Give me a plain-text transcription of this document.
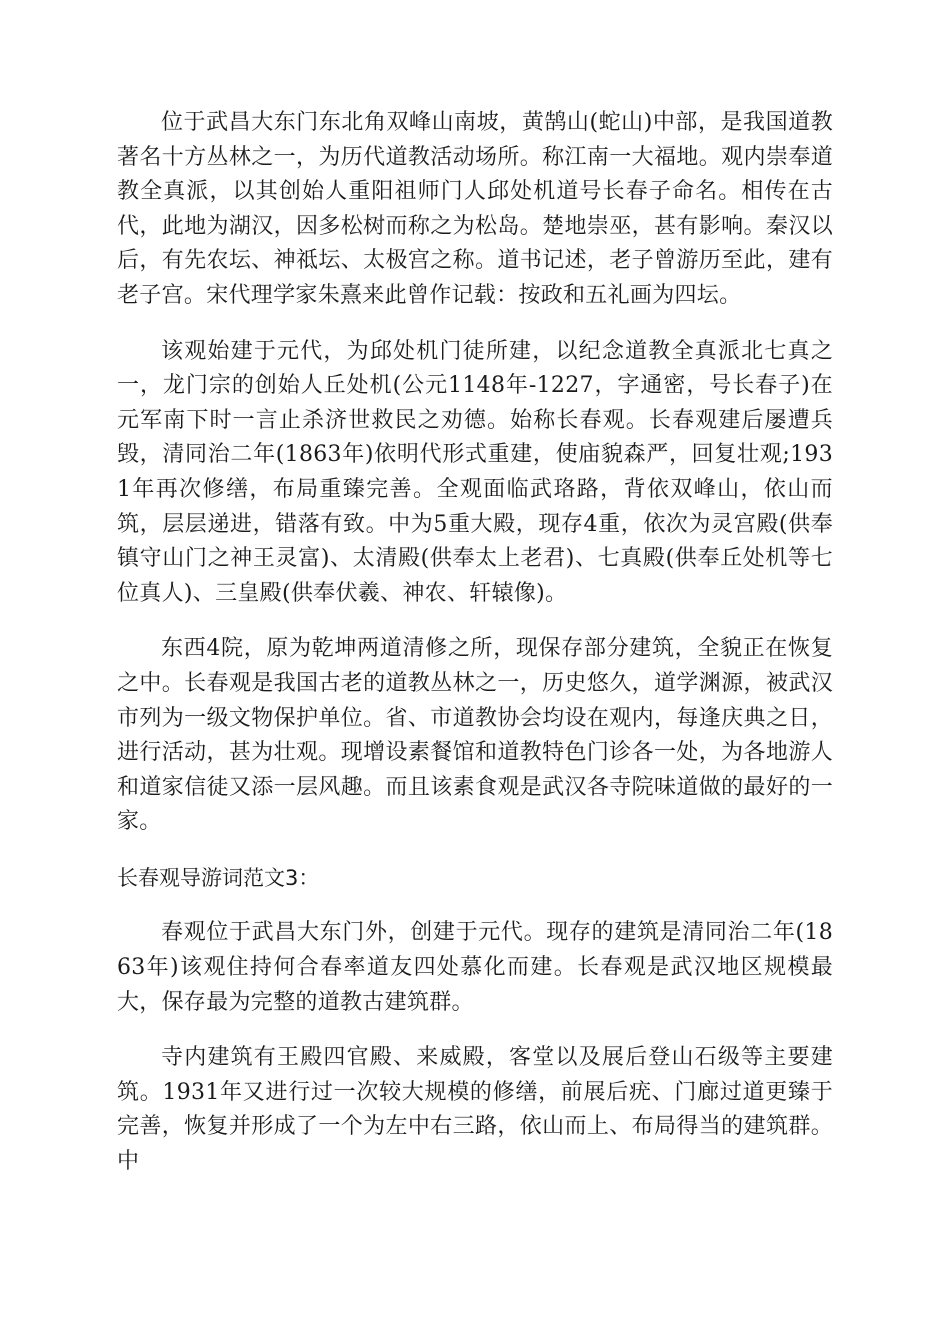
位于武昌大东门东北角双峰山南坡，黄鹄山(蛇山)中部，是我国道教著名十方丛林之一，为历代道教活动场所。称江南一大福地。观内崇奉道教全真派，以其创始人重阳祖师门人邱处机道号长春子命名。相传在古代，此地为湖汉，因多松树而称之为松岛。楚地崇巫，甚有影响。秦汉以后，有先农坛、神祗坛、太极宫之称。道书记述，老子曾游历至此，建有老子宫。宋代理学家朱熹来此曾作记载：按政和五礼画为四坛。

该观始建于元代，为邱处机门徒所建，以纪念道教全真派北七真之一，龙门宗的创始人丘处机(公元1148年-1227，字通密，号长春子)在元军南下时一言止杀济世救民之劝德。始称长春观。长春观建后屡遭兵毁，清同治二年(1863年)依明代形式重建，使庙貌森严，回复壮观;1931年再次修缮，布局重臻完善。全观面临武珞路，背依双峰山，依山而筑，层层递进，错落有致。中为5重大殿，现存4重，依次为灵宫殿(供奉镇守山门之神王灵富)、太清殿(供奉太上老君)、七真殿(供奉丘处机等七位真人)、三皇殿(供奉伏羲、神农、轩辕像)。

东西4院，原为乾坤两道清修之所，现保存部分建筑，全貌正在恢复之中。长春观是我国古老的道教丛林之一，历史悠久，道学渊源，被武汉市列为一级文物保护单位。省、市道教协会均设在观内，每逢庆典之日，进行活动，甚为壮观。现增设素餐馆和道教特色门诊各一处，为各地游人和道家信徒又添一层风趣。而且该素食观是武汉各寺院味道做的最好的一家。

长春观导游词范文3：

春观位于武昌大东门外，创建于元代。现存的建筑是清同治二年(1863年)该观住持何合春率道友四处慕化而建。长春观是武汉地区规模最大，保存最为完整的道教古建筑群。

寺内建筑有王殿四官殿、来威殿，客堂以及展后登山石级等主要建筑。1931年又进行过一次较大规模的修缮，前展后疣、门廊过道更臻于完善，恢复并形成了一个为左中右三路，依山而上、布局得当的建筑群。中
